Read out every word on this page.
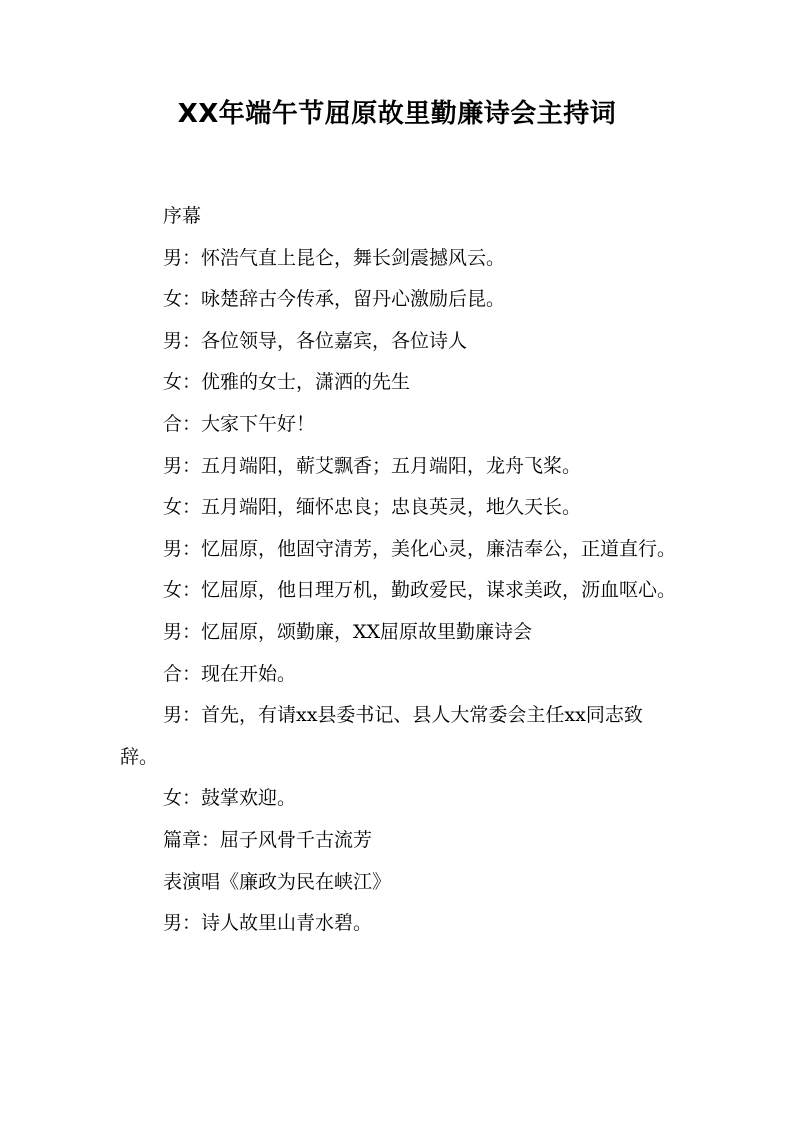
XX年端午节屈原故里勤廉诗会主持词

序幕

男：怀浩气直上昆仑，舞长剑震撼风云。

女：咏楚辞古今传承，留丹心激励后昆。

男：各位领导，各位嘉宾，各位诗人

女：优雅的女士，潇洒的先生

合：大家下午好！

男：五月端阳，蕲艾飘香；五月端阳，龙舟飞桨。

女：五月端阳，缅怀忠良；忠良英灵，地久天长。

男：忆屈原，他固守清芳，美化心灵，廉洁奉公，正道直行。

女：忆屈原，他日理万机，勤政爱民，谋求美政，沥血呕心。

男：忆屈原，颂勤廉，XX屈原故里勤廉诗会

合：现在开始。

男：首先，有请xx县委书记、县人大常委会主任xx同志致辞。

女：鼓掌欢迎。

篇章：屈子风骨千古流芳

表演唱《廉政为民在峡江》

男：诗人故里山青水碧。
